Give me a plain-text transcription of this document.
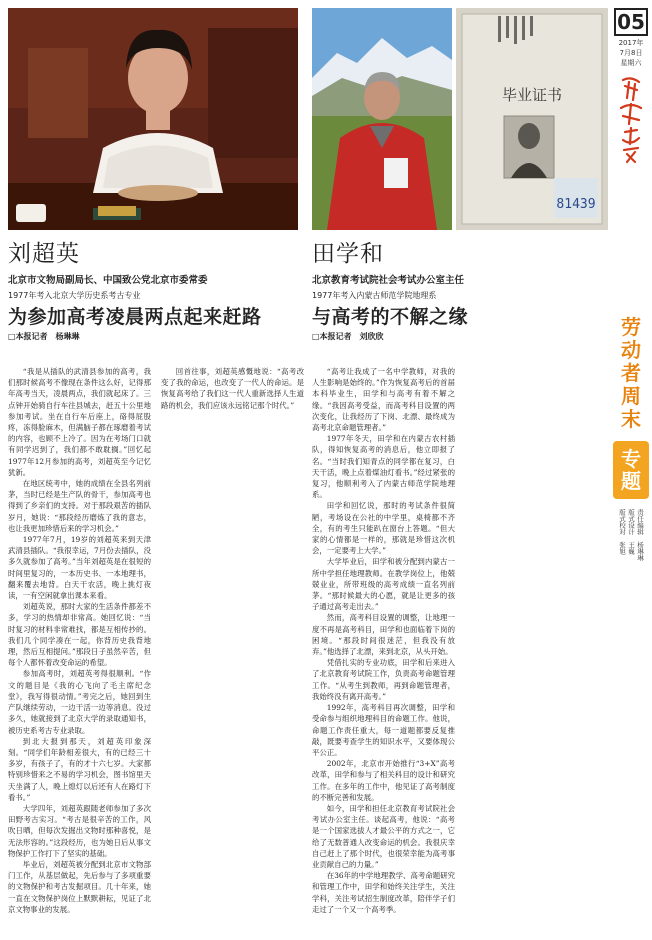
毕业证书
81439
05
2017年
7月8日
星期六
劳动者周末
专题
责任编辑　杨琳琳
版式设计　王巍
版式校对　张旭
刘超英
北京市文物局副局长、中国致公党北京市委常委
1977年考入北京大学历史系考古专业
为参加高考凌晨两点起来赶路
□本报记者　杨琳琳
田学和
北京教育考试院社会考试办公室主任
1977年考入内蒙古师范学院地理系
与高考的不解之缘
□本报记者　刘欣欣

“我是从插队的武清县参加的高考，我们那时候高考不像现在条件这么好，记得那年高考当天，凌晨两点，我们就起床了。三点钟开始骑自行车往县城去，赶五十公里地参加考试。坐在自行车后座上，硌得屁股疼，冻得脸麻木，但满脑子都在琢磨着考试的内容，也顾不上冷了。因为在考场门口就有同学迟到了，我们都不敢耽搁。”回忆起1977年12月参加的高考，刘超英至今记忆犹新。

在地区统考中，她的成绩在全县名列前茅，当时已经是生产队的骨干，参加高考也得到了乡亲们的支持。对于那段艰苦的插队岁月，她说：“那段经历磨炼了我的意志，也让我更加珍惜后来的学习机会。”

1977年7月，19岁的刘超英来到天津武清县插队。“我很幸运，7月份去插队，没多久就参加了高考。”当年刘超英是在很短的时间里复习的，一本历史书、一本地理书，翻来覆去地背。白天干农活，晚上挑灯夜读，一有空闲就拿出课本来看。

刘超英说，那时大家的生活条件都差不多，学习的热情却非常高。她回忆说：“当时复习的材料非常难找，都是互相传抄的。我们几个同学凑在一起，你背历史我背地理，然后互相提问。”那段日子虽然辛苦，但每个人都怀着改变命运的希望。

参加高考时，刘超英考得很顺利。“作文的题目是《我的心飞向了毛主席纪念堂》，我写得很动情。”考完之后，她回到生产队继续劳动，一边干活一边等消息。没过多久，她就接到了北京大学的录取通知书，被历史系考古专业录取。

到北大报到那天，刘超英印象深刻。“同学们年龄相差很大，有的已经三十多岁，有孩子了，有的才十六七岁。大家都特别珍惜来之不易的学习机会，图书馆里天天坐满了人，晚上熄灯以后还有人在路灯下看书。”

大学四年，刘超英跟随老师参加了多次田野考古实习。“考古是很辛苦的工作，风吹日晒，但每次发掘出文物时那种喜悦，是无法形容的。”这段经历，也为她日后从事文物保护工作打下了坚实的基础。

毕业后，刘超英被分配到北京市文物部门工作，从基层做起，先后参与了多项重要的文物保护和考古发掘项目。几十年来，她一直在文物保护岗位上默默耕耘，见证了北京文物事业的发展。

回首往事，刘超英感慨地说：“高考改变了我的命运，也改变了一代人的命运。是恢复高考给了我们这一代人重新选择人生道路的机会，我们应该永远铭记那个时代。”

“高考让我成了一名中学教师，对我的人生影响是始终的。”作为恢复高考后的首届本科毕业生，田学和与高考有着不解之缘。“我因高考受益，而高考科目设置的两次变化，让我经历了下岗、北漂、最终成为高考北京命题管理者。”

1977年冬天，田学和在内蒙古农村插队，得知恢复高考的消息后，他立即报了名。“当时我们知青点的同学都在复习，白天干活，晚上点着煤油灯看书。”经过紧张的复习，他顺利考入了内蒙古师范学院地理系。

田学和回忆说，那时的考试条件很简陋，考场设在公社的中学里，桌椅都不齐全，有的考生只能趴在窗台上答题。“但大家的心情都是一样的，那就是珍惜这次机会，一定要考上大学。”

大学毕业后，田学和被分配到内蒙古一所中学担任地理教师。在教学岗位上，他兢兢业业，所带班级的高考成绩一直名列前茅。“那时候最大的心愿，就是让更多的孩子通过高考走出去。”

然而，高考科目设置的调整，让地理一度不再是高考科目，田学和也面临着下岗的困境。“那段时间很迷茫，但我没有放弃。”他选择了北漂，来到北京，从头开始。

凭借扎实的专业功底，田学和后来进入了北京教育考试院工作，负责高考命题管理工作。“从考生到教师，再到命题管理者，我始终没有离开高考。”

1992年，高考科目再次调整，田学和受命参与组织地理科目的命题工作。他说，命题工作责任重大，每一道题都要反复推敲，既要考查学生的知识水平，又要体现公平公正。

2002年，北京市开始推行“3+X”高考改革，田学和参与了相关科目的设计和研究工作。在多年的工作中，他见证了高考制度的不断完善和发展。

如今，田学和担任北京教育考试院社会考试办公室主任。谈起高考，他说：“高考是一个国家选拔人才最公平的方式之一，它给了无数普通人改变命运的机会。我很庆幸自己赶上了那个时代，也很荣幸能为高考事业贡献自己的力量。”

在36年的中学地理教学、高考命题研究和管理工作中，田学和始终关注学生，关注学科，关注考试招生制度改革，陪伴学子们走过了一个又一个高考季。
